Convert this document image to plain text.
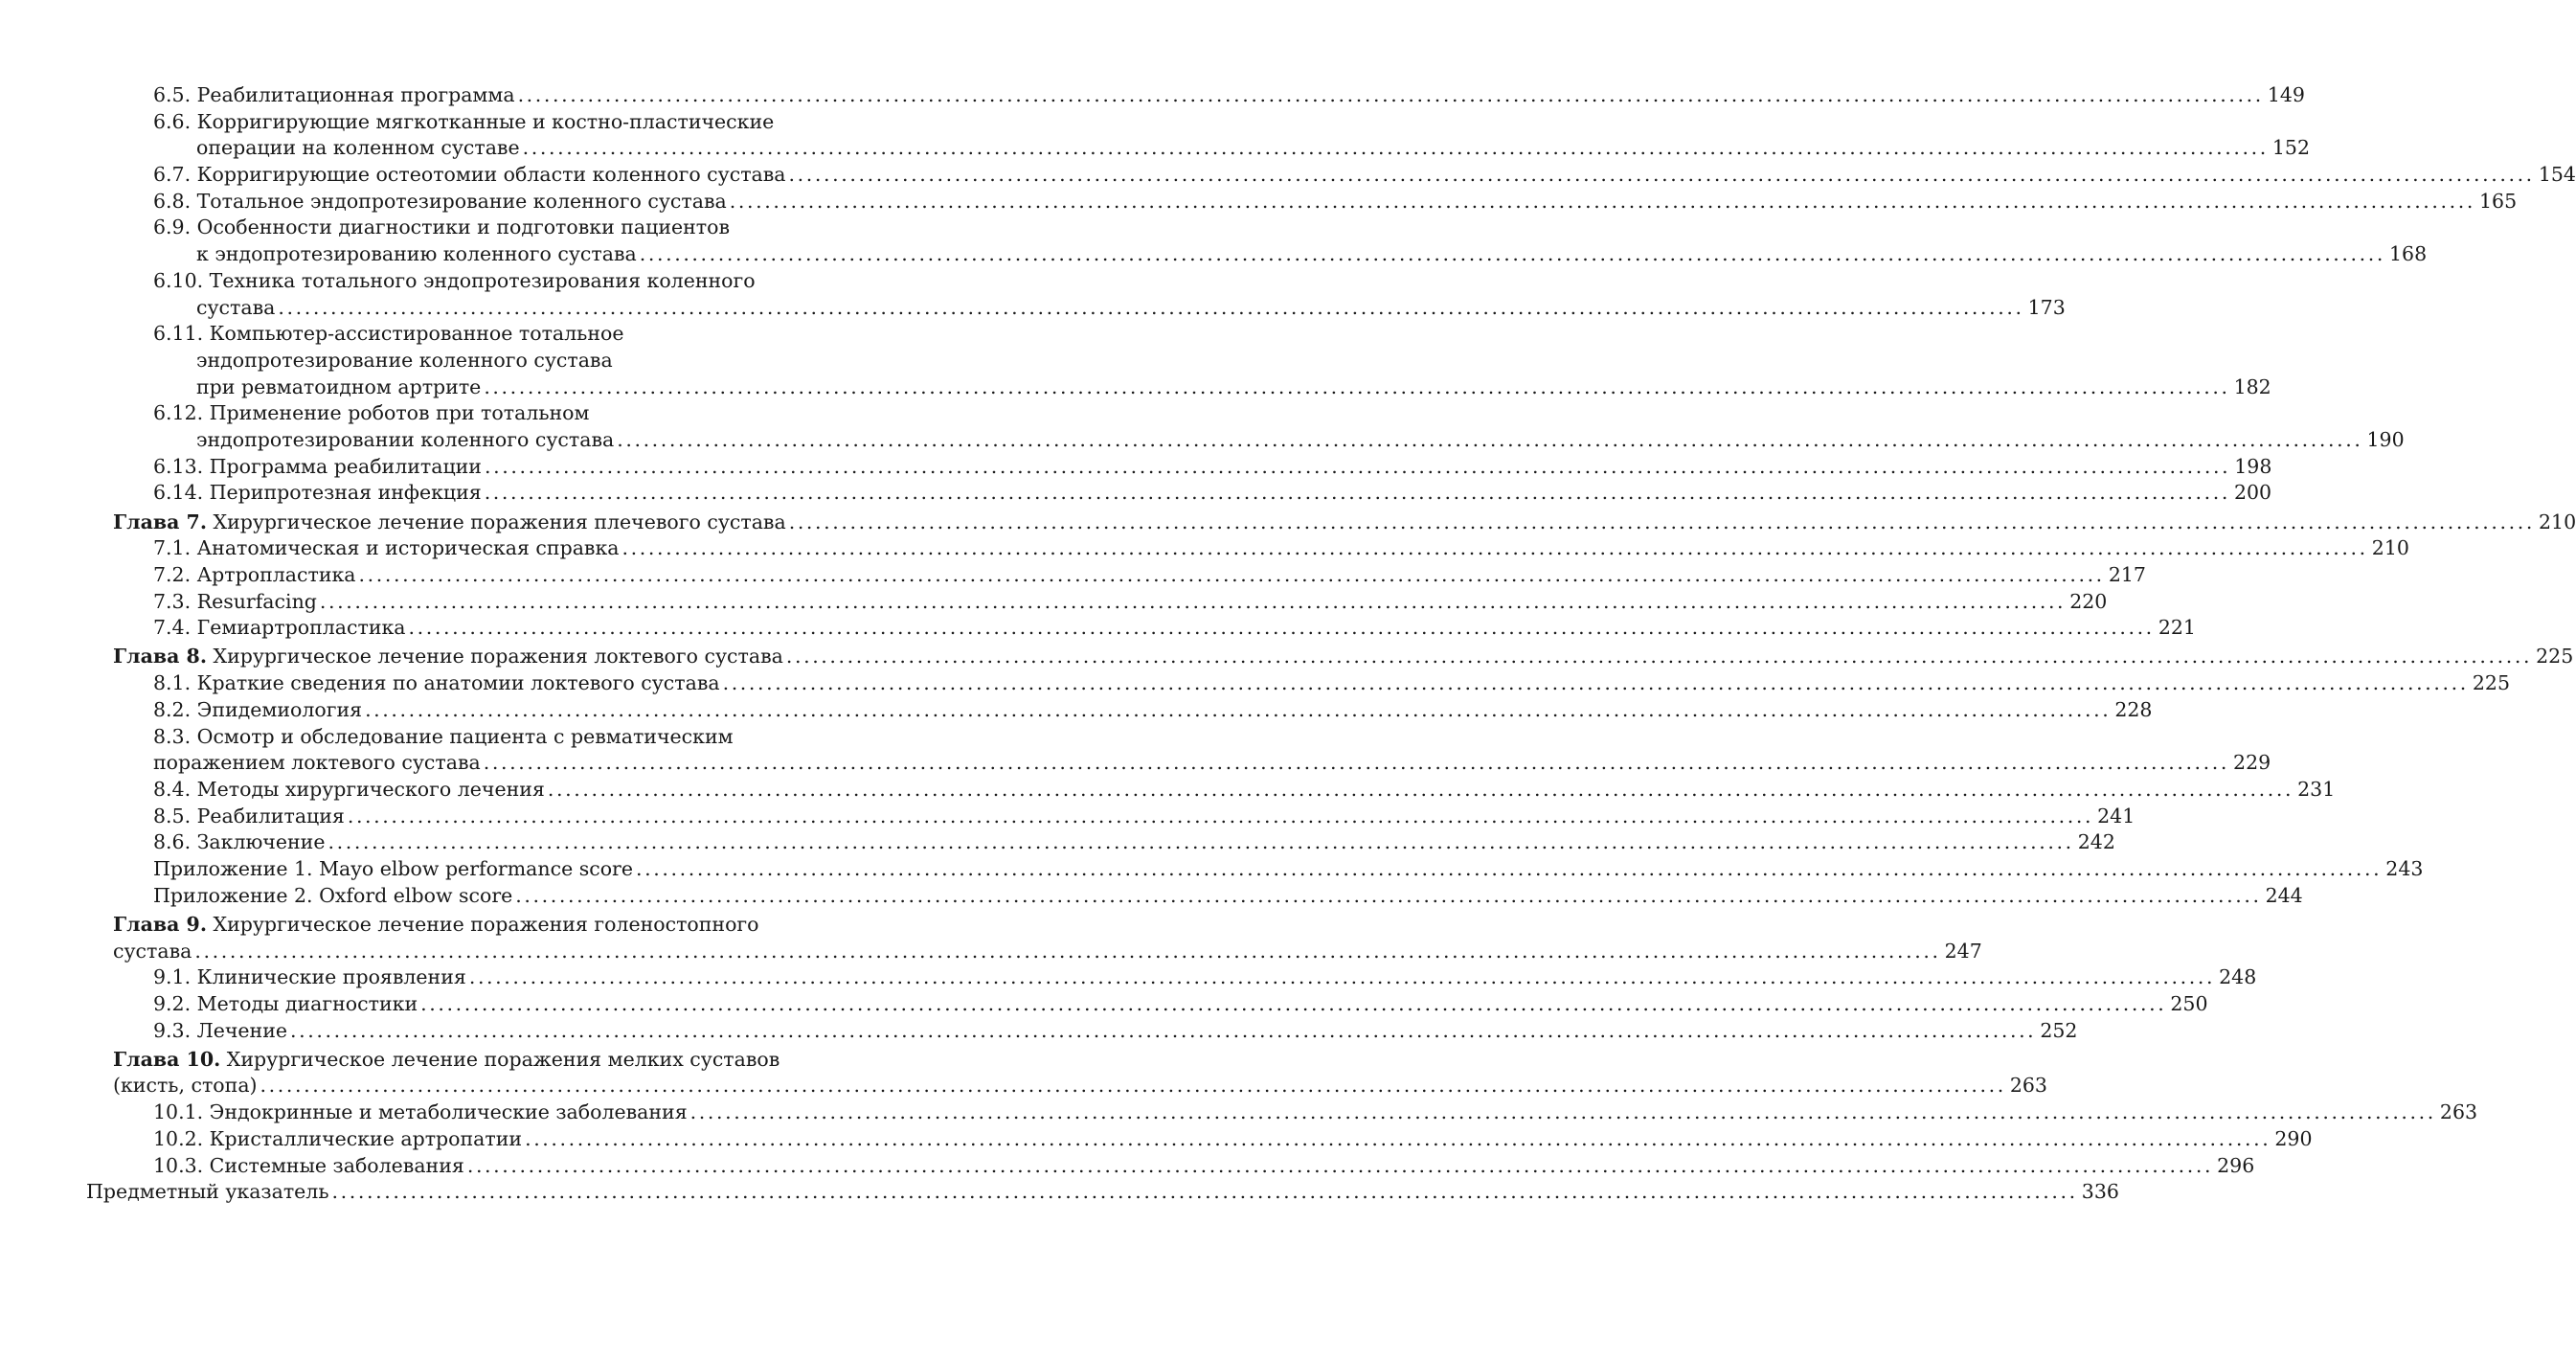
6.5. Реабилитационная программа ........................................................................................................................................................................................................ 149
6.6. Корригирующие мягкотканные и костно-пластические
операции на коленном суставе ........................................................................................................................................................................................................ 152
6.7. Корригирующие остеотомии области коленного сустава ........................................................................................................................................................................................................ 154
6.8. Тотальное эндопротезирование коленного сустава ........................................................................................................................................................................................................ 165
6.9. Особенности диагностики и подготовки пациентов
к эндопротезированию коленного сустава ........................................................................................................................................................................................................ 168
6.10. Техника тотального эндопротезирования коленного
сустава ........................................................................................................................................................................................................ 173
6.11. Компьютер-ассистированное тотальное
эндопротезирование коленного сустава
при ревматоидном артрите ........................................................................................................................................................................................................ 182
6.12. Применение роботов при тотальном
эндопротезировании коленного сустава ........................................................................................................................................................................................................ 190
6.13. Программа реабилитации ........................................................................................................................................................................................................ 198
6.14. Перипротезная инфекция ........................................................................................................................................................................................................ 200
Глава 7. Хирургическое лечение поражения плечевого сустава ........................................................................................................................................................................................................ 210
7.1. Анатомическая и историческая справка ........................................................................................................................................................................................................ 210
7.2. Артропластика ........................................................................................................................................................................................................ 217
7.3. Resurfacing ........................................................................................................................................................................................................ 220
7.4. Гемиартропластика ........................................................................................................................................................................................................ 221
Глава 8. Хирургическое лечение поражения локтевого сустава ........................................................................................................................................................................................................ 225
8.1. Краткие сведения по анатомии локтевого сустава ........................................................................................................................................................................................................ 225
8.2. Эпидемиология ........................................................................................................................................................................................................ 228
8.3. Осмотр и обследование пациента с ревматическим
поражением локтевого сустава ........................................................................................................................................................................................................ 229
8.4. Методы хирургического лечения ........................................................................................................................................................................................................ 231
8.5. Реабилитация ........................................................................................................................................................................................................ 241
8.6. Заключение ........................................................................................................................................................................................................ 242
Приложение 1. Mayo elbow performance score ........................................................................................................................................................................................................ 243
Приложение 2. Oxford elbow score ........................................................................................................................................................................................................ 244
Глава 9. Хирургическое лечение поражения голеностопного
сустава ........................................................................................................................................................................................................ 247
9.1. Клинические проявления ........................................................................................................................................................................................................ 248
9.2. Методы диагностики ........................................................................................................................................................................................................ 250
9.3. Лечение ........................................................................................................................................................................................................ 252
Глава 10. Хирургическое лечение поражения мелких суставов
(кисть, стопа) ........................................................................................................................................................................................................ 263
10.1. Эндокринные и метаболические заболевания ........................................................................................................................................................................................................ 263
10.2. Кристаллические артропатии ........................................................................................................................................................................................................ 290
10.3. Системные заболевания ........................................................................................................................................................................................................ 296
Предметный указатель ........................................................................................................................................................................................................ 336
